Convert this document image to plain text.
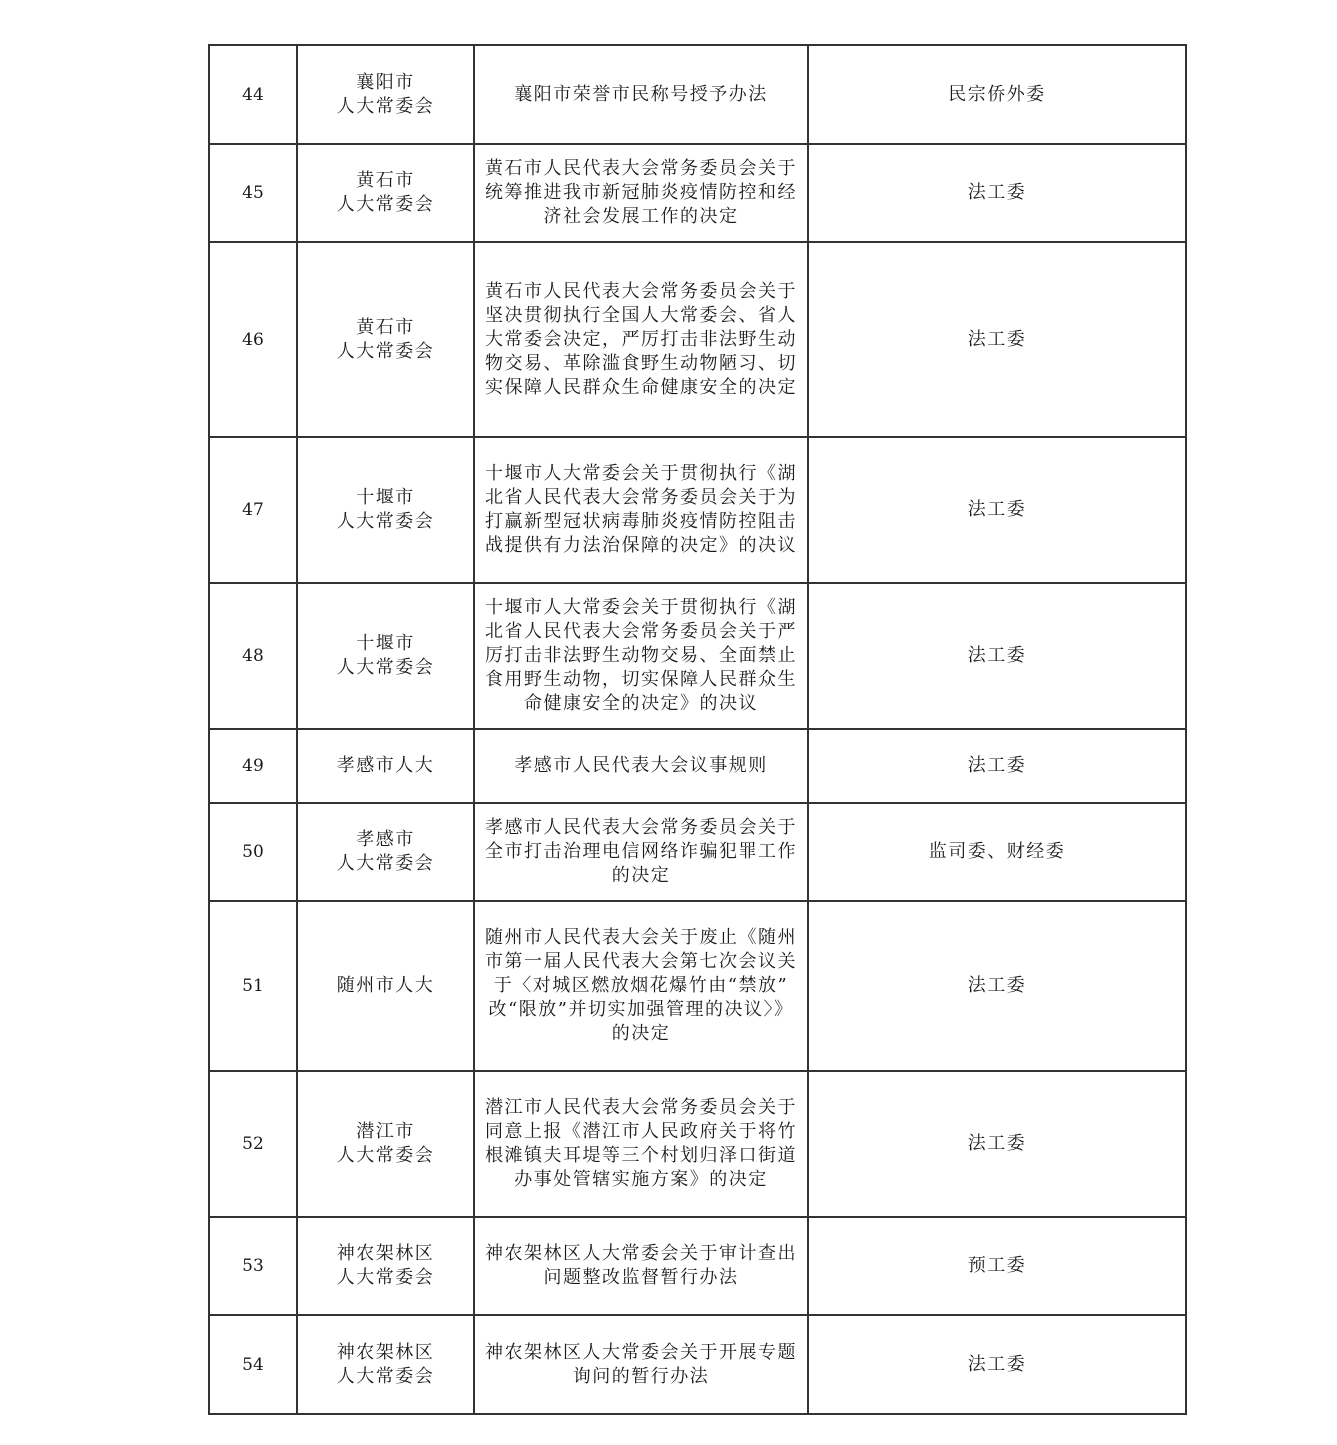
44	襄阳市
人大常委会	襄阳市荣誉市民称号授予办法	民宗侨外委
45	黄石市
人大常委会	黄石市人民代表大会常务委员会关于
统筹推进我市新冠肺炎疫情防控和经
济社会发展工作的决定	法工委
46	黄石市
人大常委会	黄石市人民代表大会常务委员会关于
坚决贯彻执行全国人大常委会、省人
大常委会决定，严厉打击非法野生动
物交易、革除滥食野生动物陋习、切
实保障人民群众生命健康安全的决定	法工委
47	十堰市
人大常委会	十堰市人大常委会关于贯彻执行《湖
北省人民代表大会常务委员会关于为
打赢新型冠状病毒肺炎疫情防控阻击
战提供有力法治保障的决定》的决议	法工委
48	十堰市
人大常委会	十堰市人大常委会关于贯彻执行《湖
北省人民代表大会常务委员会关于严
厉打击非法野生动物交易、全面禁止
食用野生动物，切实保障人民群众生
命健康安全的决定》的决议	法工委
49	孝感市人大	孝感市人民代表大会议事规则	法工委
50	孝感市
人大常委会	孝感市人民代表大会常务委员会关于
全市打击治理电信网络诈骗犯罪工作
的决定	监司委、财经委
51	随州市人大	随州市人民代表大会关于废止《随州
市第一届人民代表大会第七次会议关
于〈对城区燃放烟花爆竹由“禁放”
改“限放”并切实加强管理的决议〉》
的决定	法工委
52	潜江市
人大常委会	潜江市人民代表大会常务委员会关于
同意上报《潜江市人民政府关于将竹
根滩镇夫耳堤等三个村划归泽口街道
办事处管辖实施方案》的决定	法工委
53	神农架林区
人大常委会	神农架林区人大常委会关于审计查出
问题整改监督暂行办法	预工委
54	神农架林区
人大常委会	神农架林区人大常委会关于开展专题
询问的暂行办法	法工委
